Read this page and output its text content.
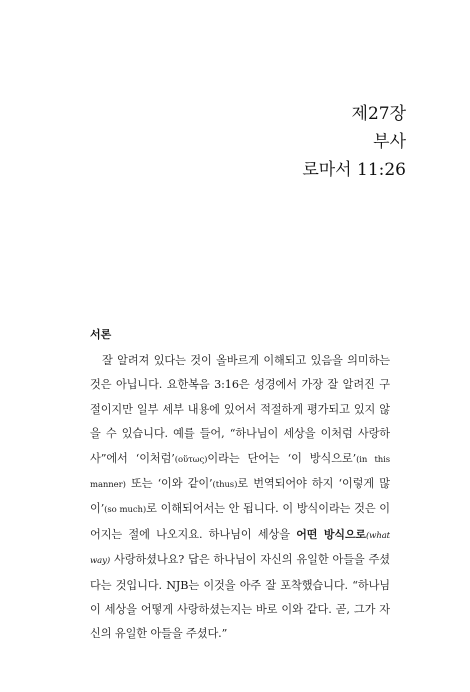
제27장
부사
로마서 11:26
서론

잘 알려져 있다는 것이 올바르게 이해되고 있음을 의미하는 것은 아닙니다. 요한복음 3:16은 성경에서 가장 잘 알려진 구절이지만 일부 세부 내용에 있어서 적절하게 평가되고 있지 않을 수 있습니다. 예를 들어, “하나님이 세상을 이처럼 사랑하사”에서 ‘이처럼’(οὕτως)이라는 단어는 ‘이 방식으로’(in this manner) 또는 ‘이와 같이’(thus)로 번역되어야 하지 ‘이렇게 많이’(so much)로 이해되어서는 안 됩니다. 이 방식이라는 것은 이어지는 절에 나오지요. 하나님이 세상을 어떤 방식으로(what way) 사랑하셨나요? 답은 하나님이 자신의 유일한 아들을 주셨다는 것입니다. NJB는 이것을 아주 잘 포착했습니다. “하나님이 세상을 어떻게 사랑하셨는지는 바로 이와 같다. 곧, 그가 자신의 유일한 아들을 주셨다.”
